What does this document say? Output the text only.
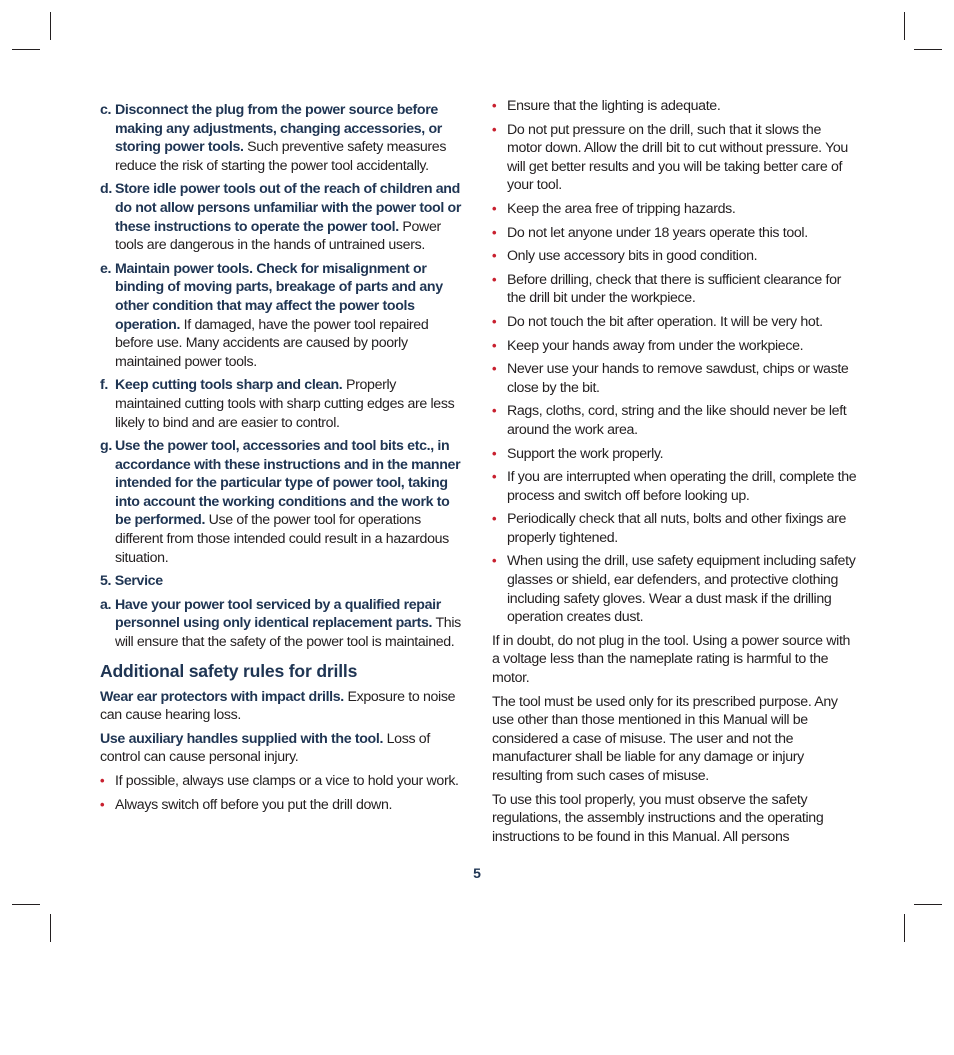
c. Disconnect the plug from the power source before making any adjustments, changing accessories, or storing power tools. Such preventive safety measures reduce the risk of starting the power tool accidentally.
d. Store idle power tools out of the reach of children and do not allow persons unfamiliar with the power tool or these instructions to operate the power tool. Power tools are dangerous in the hands of untrained users.
e. Maintain power tools. Check for misalignment or binding of moving parts, breakage of parts and any other condition that may affect the power tools operation. If damaged, have the power tool repaired before use. Many accidents are caused by poorly maintained power tools.
f. Keep cutting tools sharp and clean. Properly maintained cutting tools with sharp cutting edges are less likely to bind and are easier to control.
g. Use the power tool, accessories and tool bits etc., in accordance with these instructions and in the manner intended for the particular type of power tool, taking into account the working conditions and the work to be performed. Use of the power tool for operations different from those intended could result in a hazardous situation.
5. Service
a. Have your power tool serviced by a qualified repair personnel using only identical replacement parts. This will ensure that the safety of the power tool is maintained.
Additional safety rules for drills
Wear ear protectors with impact drills. Exposure to noise can cause hearing loss.
Use auxiliary handles supplied with the tool. Loss of control can cause personal injury.
• If possible, always use clamps or a vice to hold your work.
• Always switch off before you put the drill down.
• Ensure that the lighting is adequate.
• Do not put pressure on the drill, such that it slows the motor down. Allow the drill bit to cut without pressure. You will get better results and you will be taking better care of your tool.
• Keep the area free of tripping hazards.
• Do not let anyone under 18 years operate this tool.
• Only use accessory bits in good condition.
• Before drilling, check that there is sufficient clearance for the drill bit under the workpiece.
• Do not touch the bit after operation. It will be very hot.
• Keep your hands away from under the workpiece.
• Never use your hands to remove sawdust, chips or waste close by the bit.
• Rags, cloths, cord, string and the like should never be left around the work area.
• Support the work properly.
• If you are interrupted when operating the drill, complete the process and switch off before looking up.
• Periodically check that all nuts, bolts and other fixings are properly tightened.
• When using the drill, use safety equipment including safety glasses or shield, ear defenders, and protective clothing including safety gloves. Wear a dust mask if the drilling operation creates dust.
If in doubt, do not plug in the tool. Using a power source with a voltage less than the nameplate rating is harmful to the motor.
The tool must be used only for its prescribed purpose. Any use other than those mentioned in this Manual will be considered a case of misuse. The user and not the manufacturer shall be liable for any damage or injury resulting from such cases of misuse.
To use this tool properly, you must observe the safety regulations, the assembly instructions and the operating instructions to be found in this Manual. All persons
5
